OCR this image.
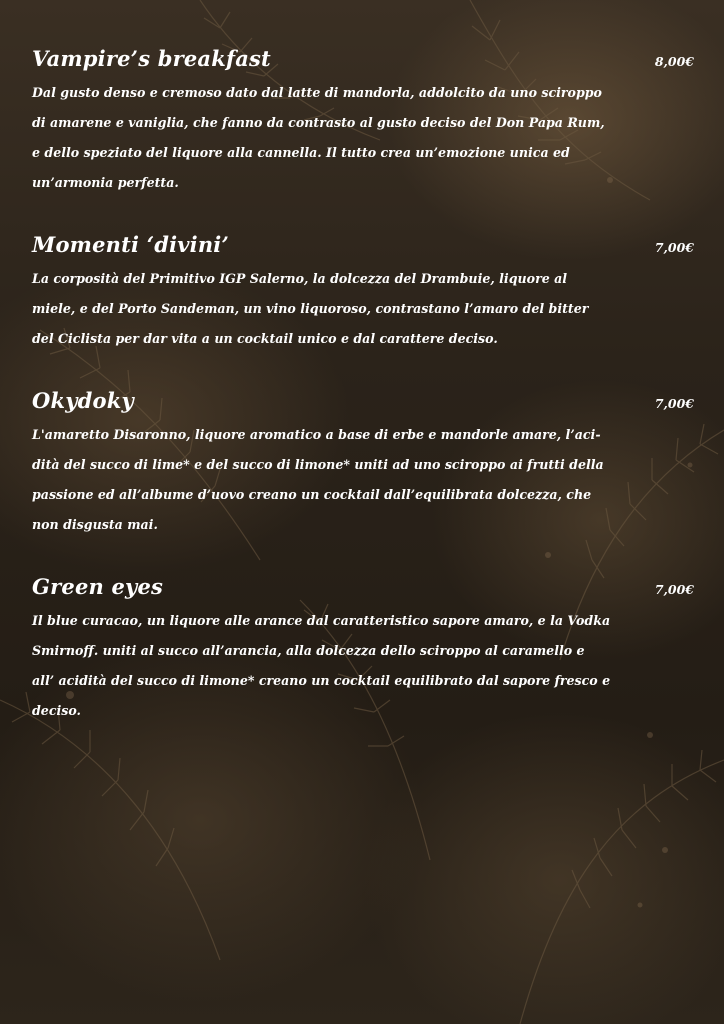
Vampire’s breakfast	8,00€

Dal gusto denso e cremoso dato dal latte di mandorla, addolcito da uno sciroppo
di amarene e vaniglia, che fanno da contrasto al gusto deciso del Don Papa Rum,
e dello speziato del liquore alla cannella. Il tutto crea un’emozione unica ed
un’armonia perfetta.

Momenti ‘divini’	7,00€

La corposità del Primitivo IGP Salerno, la dolcezza del Drambuie, liquore al
miele, e del Porto Sandeman, un vino liquoroso, contrastano l’amaro del bitter
del Ciclista per dar vita a un cocktail unico e dal carattere deciso.

Okydoky	7,00€

L'amaretto Disaronno, liquore aromatico a base di erbe e mandorle amare, l’aci-
dità del succo di lime* e del succo di limone* uniti ad uno sciroppo ai frutti della
passione ed all’albume d’uovo creano un cocktail dall’equilibrata dolcezza, che
non disgusta mai.

Green eyes	7,00€

Il blue curacao, un liquore alle arance dal caratteristico sapore amaro, e la Vodka
Smirnoff. uniti al succo all’arancia, alla dolcezza dello sciroppo al caramello e
all’ acidità del succo di limone* creano un cocktail equilibrato dal sapore fresco e
deciso.
